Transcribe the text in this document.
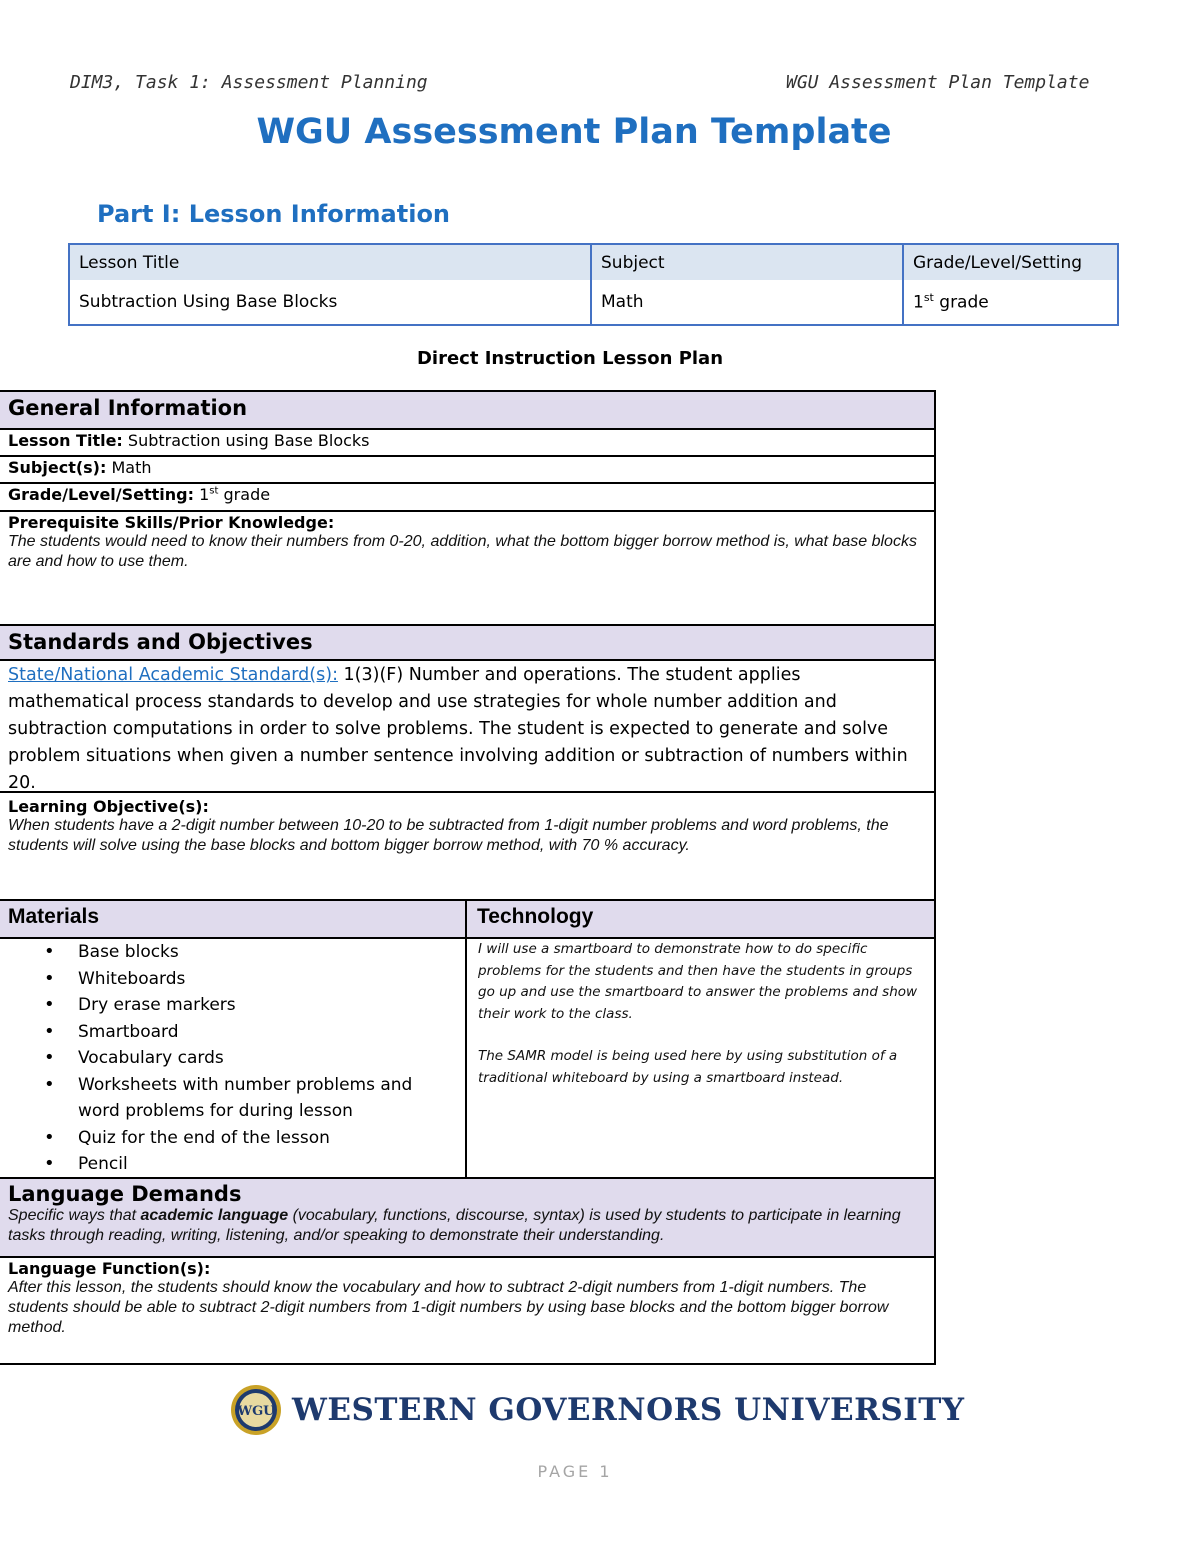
DIM3, Task 1: Assessment Planning	WGU Assessment Plan Template
WGU Assessment Plan Template
Part I: Lesson Information
Lesson Title	Subject	Grade/Level/Setting
Subtraction Using Base Blocks	Math	1st grade
Direct Instruction Lesson Plan
General Information
Lesson Title: Subtraction using Base Blocks
Subject(s): Math
Grade/Level/Setting: 1st grade
Prerequisite Skills/Prior Knowledge:
The students would need to know their numbers from 0-20, addition, what the bottom bigger borrow method is, what base blocks are and how to use them.
Standards and Objectives
State/National Academic Standard(s): 1(3)(F) Number and operations. The student applies mathematical process standards to develop and use strategies for whole number addition and subtraction computations in order to solve problems. The student is expected to generate and solve problem situations when given a number sentence involving addition or subtraction of numbers within 20.
Learning Objective(s):
When students have a 2-digit number between 10-20 to be subtracted from 1-digit number problems and word problems, the students will solve using the base blocks and bottom bigger borrow method, with 70 % accuracy.
Materials	Technology
• Base blocks
• Whiteboards
• Dry erase markers
• Smartboard
• Vocabulary cards
• Worksheets with number problems and word problems for during lesson
• Quiz for the end of the lesson
• Pencil
I will use a smartboard to demonstrate how to do specific problems for the students and then have the students in groups go up and use the smartboard to answer the problems and show their work to the class.
The SAMR model is being used here by using substitution of a traditional whiteboard by using a smartboard instead.
Language Demands
Specific ways that academic language (vocabulary, functions, discourse, syntax) is used by students to participate in learning tasks through reading, writing, listening, and/or speaking to demonstrate their understanding.
Language Function(s):
After this lesson, the students should know the vocabulary and how to subtract 2-digit numbers from 1-digit numbers. The students should be able to subtract 2-digit numbers from 1-digit numbers by using base blocks and the bottom bigger borrow method.
WGU WESTERN GOVERNORS UNIVERSITY
PAGE 1
